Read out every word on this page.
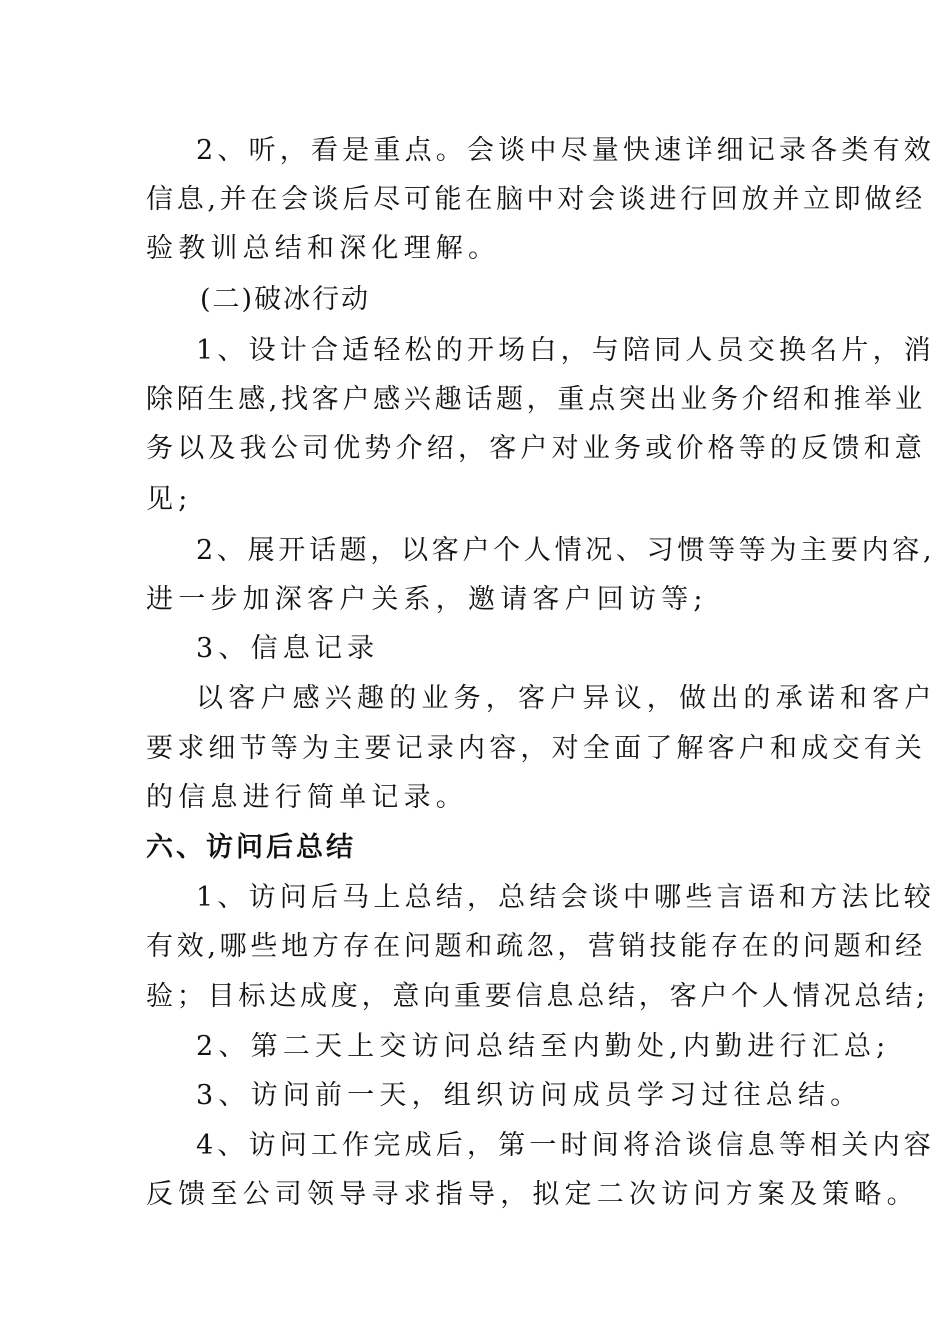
2、听，看是重点。会谈中尽量快速详细记录各类有效
信息,并在会谈后尽可能在脑中对会谈进行回放并立即做经
验教训总结和深化理解。
(二)破冰行动
1、设计合适轻松的开场白，与陪同人员交换名片，消
除陌生感,找客户感兴趣话题，重点突出业务介绍和推举业
务以及我公司优势介绍，客户对业务或价格等的反馈和意
见;
2、展开话题，以客户个人情况、习惯等等为主要内容,
进一步加深客户关系，邀请客户回访等;
3、信息记录
以客户感兴趣的业务，客户异议，做出的承诺和客户
要求细节等为主要记录内容，对全面了解客户和成交有关
的信息进行简单记录。
六、访问后总结
1、访问后马上总结，总结会谈中哪些言语和方法比较
有效,哪些地方存在问题和疏忽，营销技能存在的问题和经
验；目标达成度，意向重要信息总结，客户个人情况总结;
2、第二天上交访问总结至内勤处,内勤进行汇总;
3、访问前一天，组织访问成员学习过往总结。
4、访问工作完成后，第一时间将洽谈信息等相关内容
反馈至公司领导寻求指导，拟定二次访问方案及策略。
